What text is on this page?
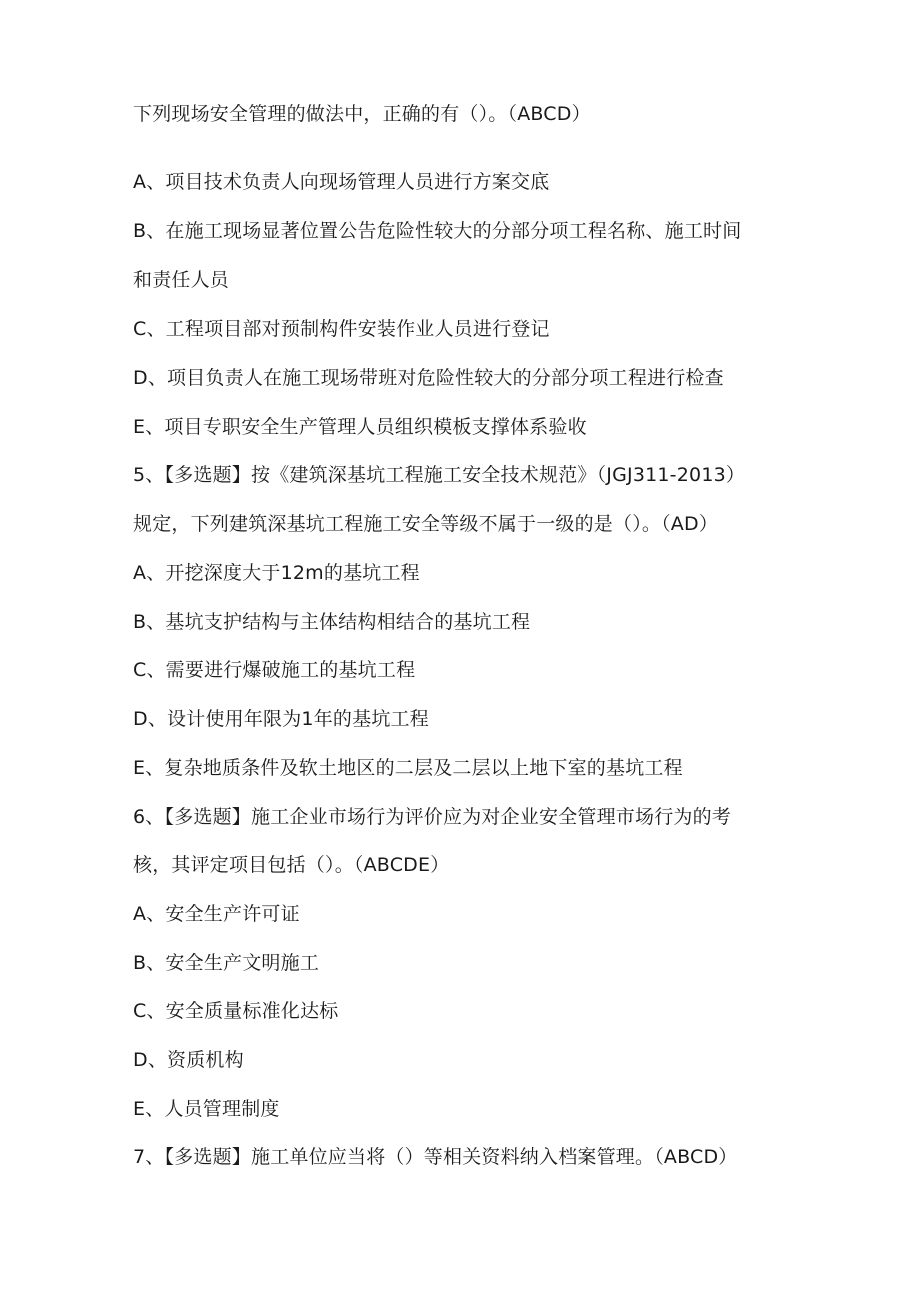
下列现场安全管理的做法中，正确的有（）。（ABCD）
A、项目技术负责人向现场管理人员进行方案交底
B、在施工现场显著位置公告危险性较大的分部分项工程名称、施工时间
和责任人员
C、工程项目部对预制构件安装作业人员进行登记
D、项目负责人在施工现场带班对危险性较大的分部分项工程进行检查
E、项目专职安全生产管理人员组织模板支撑体系验收
5、【多选题】按《建筑深基坑工程施工安全技术规范》（JGJ311-2013）
规定，下列建筑深基坑工程施工安全等级不属于一级的是（）。（AD）
A、开挖深度大于12m的基坑工程
B、基坑支护结构与主体结构相结合的基坑工程
C、需要进行爆破施工的基坑工程
D、设计使用年限为1年的基坑工程
E、复杂地质条件及软土地区的二层及二层以上地下室的基坑工程
6、【多选题】施工企业市场行为评价应为对企业安全管理市场行为的考
核，其评定项目包括（）。（ABCDE）
A、安全生产许可证
B、安全生产文明施工
C、安全质量标准化达标
D、资质机构
E、人员管理制度
7、【多选题】施工单位应当将（）等相关资料纳入档案管理。（ABCD）
